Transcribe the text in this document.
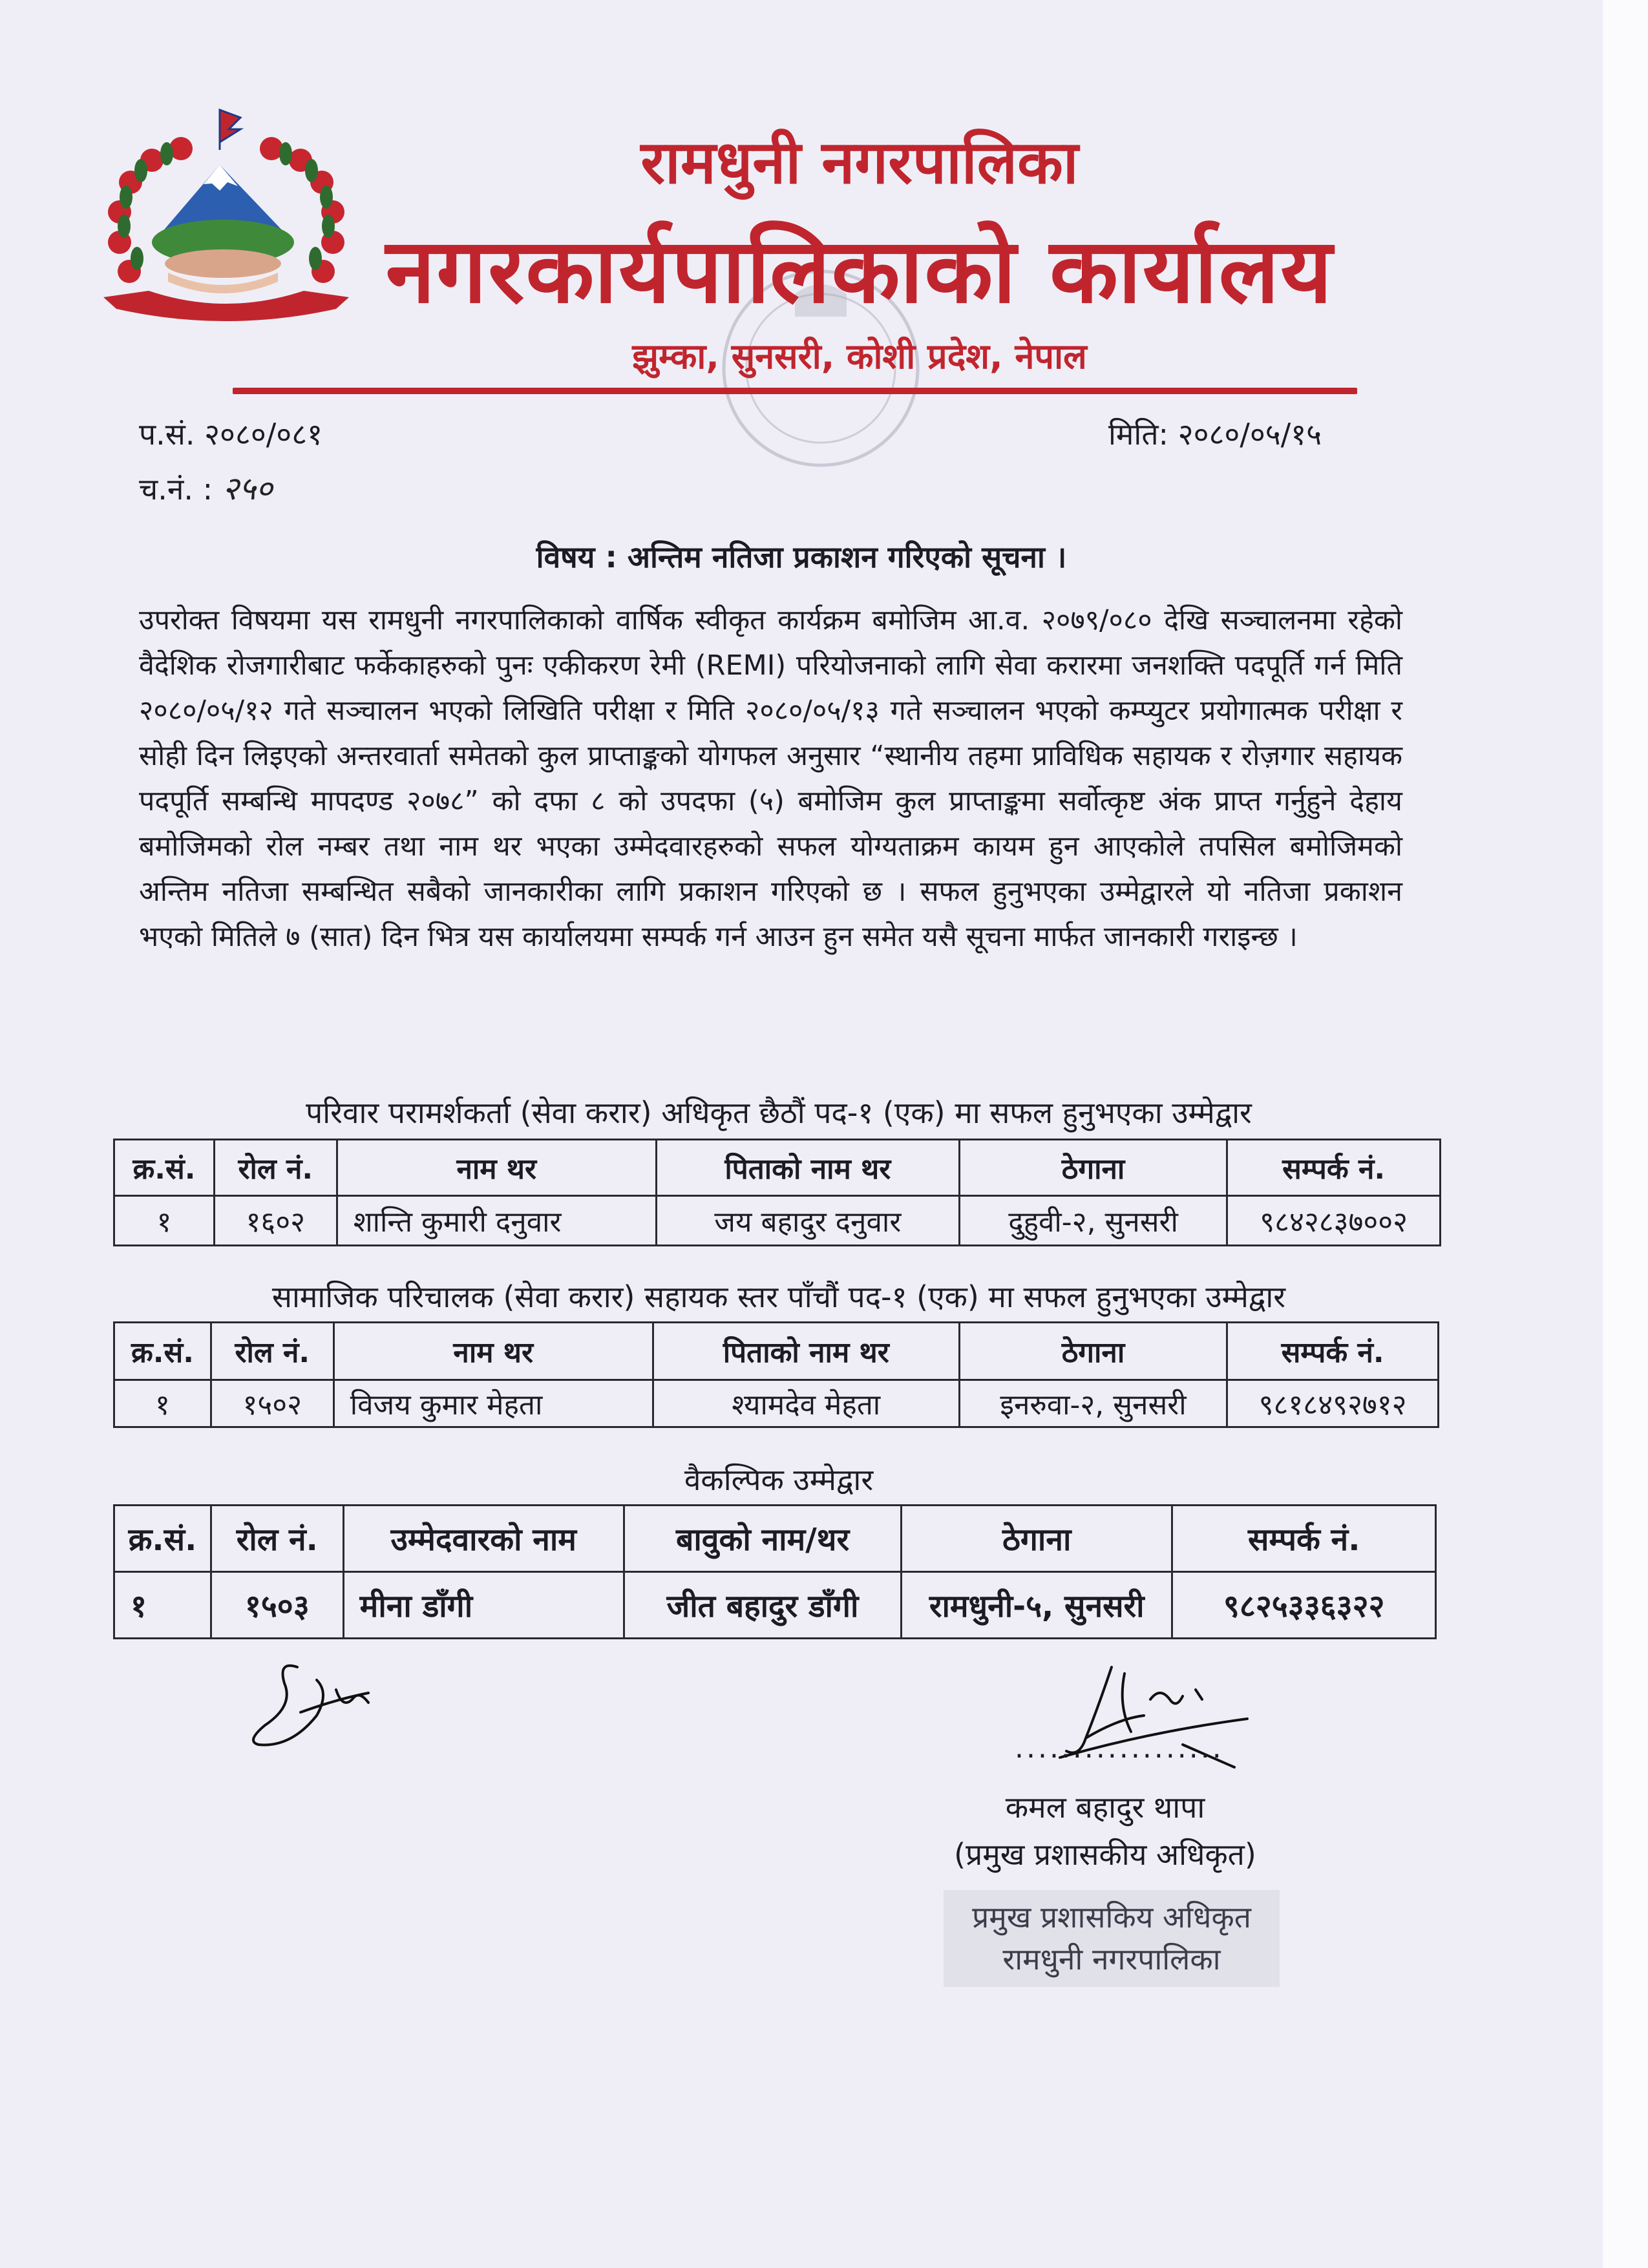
रामधुनी नगरपालिका
नगरकार्यपालिकाको कार्यालय
झुम्का, सुनसरी, कोशी प्रदेश, नेपाल
प.सं. २०८०/०८१
च.नं. : २५०
मिति: २०८०/०५/१५
विषय : अन्तिम नतिजा प्रकाशन गरिएको सूचना ।

उपरोक्त विषयमा यस रामधुनी नगरपालिकाको वार्षिक स्वीकृत कार्यक्रम बमोजिम आ.व. २०७९/०८० देखि सञ्चालनमा रहेको वैदेशिक रोजगारीबाट फर्केकाहरुको पुनः एकीकरण रेमी (REMI) परियोजनाको लागि सेवा करारमा जनशक्ति पदपूर्ति गर्न मिति २०८०/०५/१२ गते सञ्चालन भएको लिखिति परीक्षा र मिति २०८०/०५/१३ गते सञ्चालन भएको कम्प्युटर प्रयोगात्मक परीक्षा र सोही दिन लिइएको अन्तरवार्ता समेतको कुल प्राप्ताङ्कको योगफल अनुसार “स्थानीय तहमा प्राविधिक सहायक र रोज़गार सहायक पदपूर्ति सम्बन्धि मापदण्ड २०७८” को दफा ८ को उपदफा (५) बमोजिम कुल प्राप्ताङ्कमा सर्वोत्कृष्ट अंक प्राप्त गर्नुहुने देहाय बमोजिमको रोल नम्बर तथा नाम थर भएका उम्मेदवारहरुको सफल योग्यताक्रम कायम हुन आएकोले तपसिल बमोजिमको अन्तिम नतिजा सम्बन्धित सबैको जानकारीका लागि प्रकाशन गरिएको छ । सफल हुनुभएका उम्मेद्वारले यो नतिजा प्रकाशन भएको मितिले ७ (सात) दिन भित्र यस कार्यालयमा सम्पर्क गर्न आउन हुन समेत यसै सूचना मार्फत जानकारी गराइन्छ ।

परिवार परामर्शकर्ता (सेवा करार) अधिकृत छैठौं पद-१ (एक) मा सफल हुनुभएका उम्मेद्वार
क्र.सं.	रोल नं.	नाम थर	पिताको नाम थर	ठेगाना	सम्पर्क नं.
१	१६०२	शान्ति कुमारी दनुवार	जय बहादुर दनुवार	दुहुवी-२, सुनसरी	९८४२८३७००२
सामाजिक परिचालक (सेवा करार) सहायक स्तर पाँचौं पद-१ (एक) मा सफल हुनुभएका उम्मेद्वार
क्र.सं.	रोल नं.	नाम थर	पिताको नाम थर	ठेगाना	सम्पर्क नं.
१	१५०२	विजय कुमार मेहता	श्यामदेव मेहता	इनरुवा-२, सुनसरी	९८१८४९२७१२
वैकल्पिक उम्मेद्वार
क्र.सं.	रोल नं.	उम्मेदवारको नाम	बावुको नाम/थर	ठेगाना	सम्पर्क नं.
१	१५०३	मीना डाँगी	जीत बहादुर डाँगी	रामधुनी-५, सुनसरी	९८२५३३६३२२
..................
कमल बहादुर थापा
(प्रमुख प्रशासकीय अधिकृत)
प्रमुख प्रशासकिय अधिकृत
रामधुनी नगरपालिका
